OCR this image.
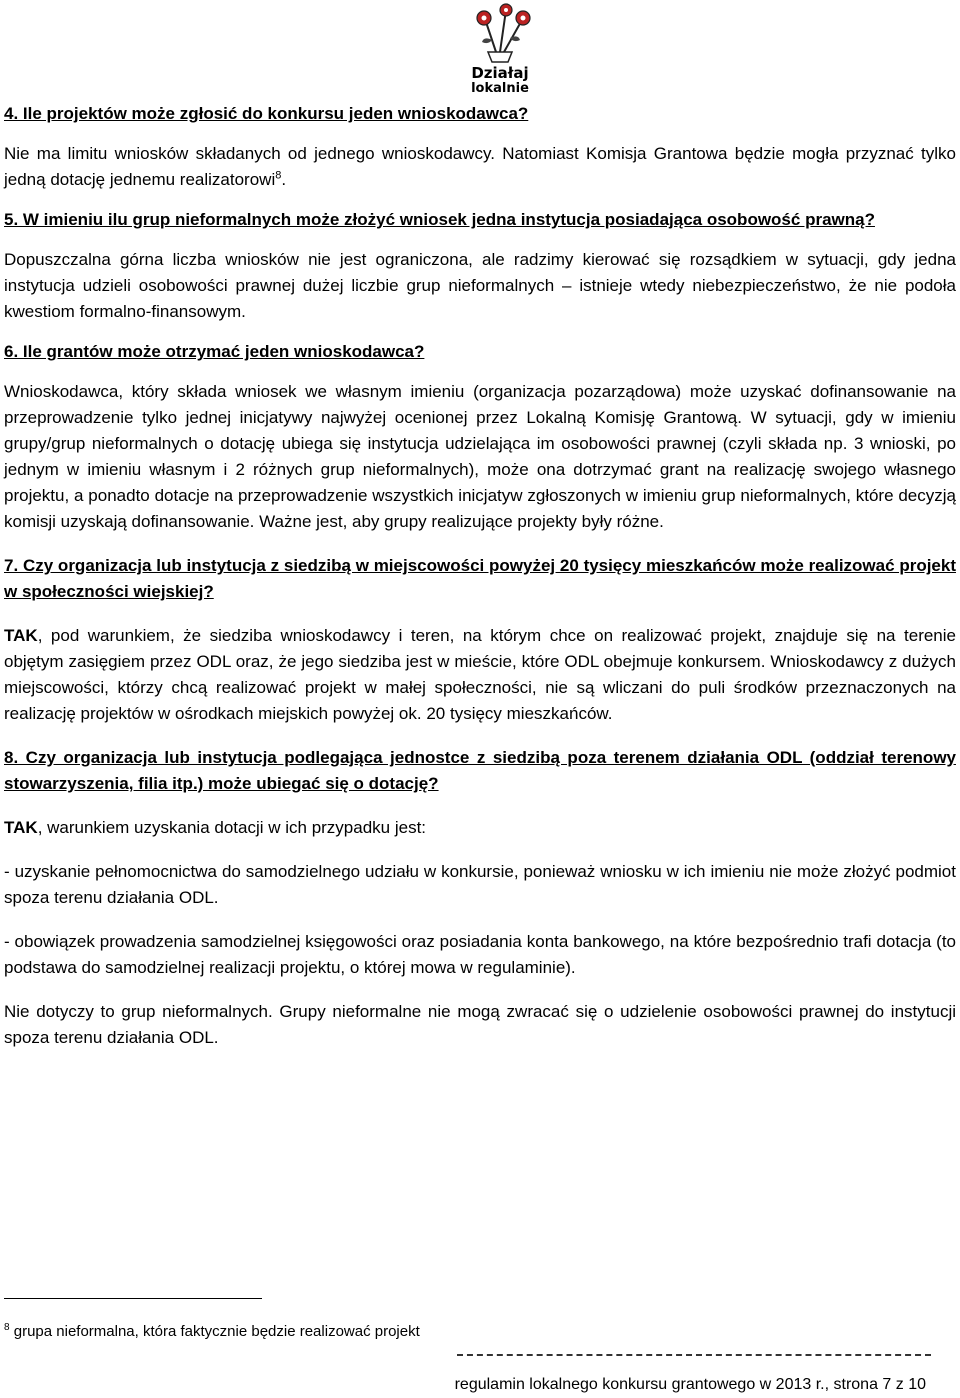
Działaj
lokalnie

4. Ile projektów może zgłosić do konkursu jeden wnioskodawca?

Nie ma limitu wniosków składanych od jednego wnioskodawcy. Natomiast Komisja Grantowa będzie mogła przyznać tylko jedną dotację jednemu realizatorowi$^8$.

5. W imieniu ilu grup nieformalnych może złożyć wniosek jedna instytucja posiadająca osobowość prawną?

Dopuszczalna górna liczba wniosków nie jest ograniczona, ale radzimy kierować się rozsądkiem w sytuacji, gdy jedna instytucja udzieli osobowości prawnej dużej liczbie grup nieformalnych – istnieje wtedy niebezpieczeństwo, że nie podoła kwestiom formalno-finansowym.

6. Ile grantów może otrzymać jeden wnioskodawca?

Wnioskodawca, który składa wniosek we własnym imieniu (organizacja pozarządowa) może uzyskać dofinansowanie na przeprowadzenie tylko jednej inicjatywy najwyżej ocenionej przez Lokalną Komisję Grantową. W sytuacji, gdy w imieniu grupy/grup nieformalnych o dotację ubiega się instytucja udzielająca im osobowości prawnej (czyli składa np. 3 wnioski, po jednym w imieniu własnym i 2 różnych grup nieformalnych), może ona dotrzymać grant na realizację swojego własnego projektu, a ponadto dotacje na przeprowadzenie wszystkich inicjatyw zgłoszonych w imieniu grup nieformalnych, które decyzją komisji uzyskają dofinansowanie. Ważne jest, aby grupy realizujące projekty były różne.

7. Czy organizacja lub instytucja z siedzibą w miejscowości powyżej 20 tysięcy mieszkańców może realizować projekt w społeczności wiejskiej?

TAK, pod warunkiem, że siedziba wnioskodawcy i teren, na którym chce on realizować projekt, znajduje się na terenie objętym zasięgiem przez ODL oraz, że jego siedziba jest w mieście, które ODL obejmuje konkursem. Wnioskodawcy z dużych miejscowości, którzy chcą realizować projekt w małej społeczności, nie są wliczani do puli środków przeznaczonych na realizację projektów w ośrodkach miejskich powyżej ok. 20 tysięcy mieszkańców.

8. Czy organizacja lub instytucja podlegająca jednostce z siedzibą poza terenem działania ODL (oddział terenowy stowarzyszenia, filia itp.) może ubiegać się o dotację?

TAK, warunkiem uzyskania dotacji w ich przypadku jest:

- uzyskanie pełnomocnictwa do samodzielnego udziału w konkursie, ponieważ wniosku w ich imieniu nie może złożyć podmiot spoza terenu działania ODL.

- obowiązek prowadzenia samodzielnej księgowości oraz posiadania konta bankowego, na które bezpośrednio trafi dotacja (to podstawa do samodzielnej realizacji projektu, o której mowa w regulaminie).

Nie dotyczy to grup nieformalnych. Grupy nieformalne nie mogą zwracać się o udzielenie osobowości prawnej do instytucji spoza terenu działania ODL.

$^8$ grupa nieformalna, która faktycznie będzie realizować projekt
regulamin lokalnego konkursu grantowego w 2013 r., strona 7 z 10
